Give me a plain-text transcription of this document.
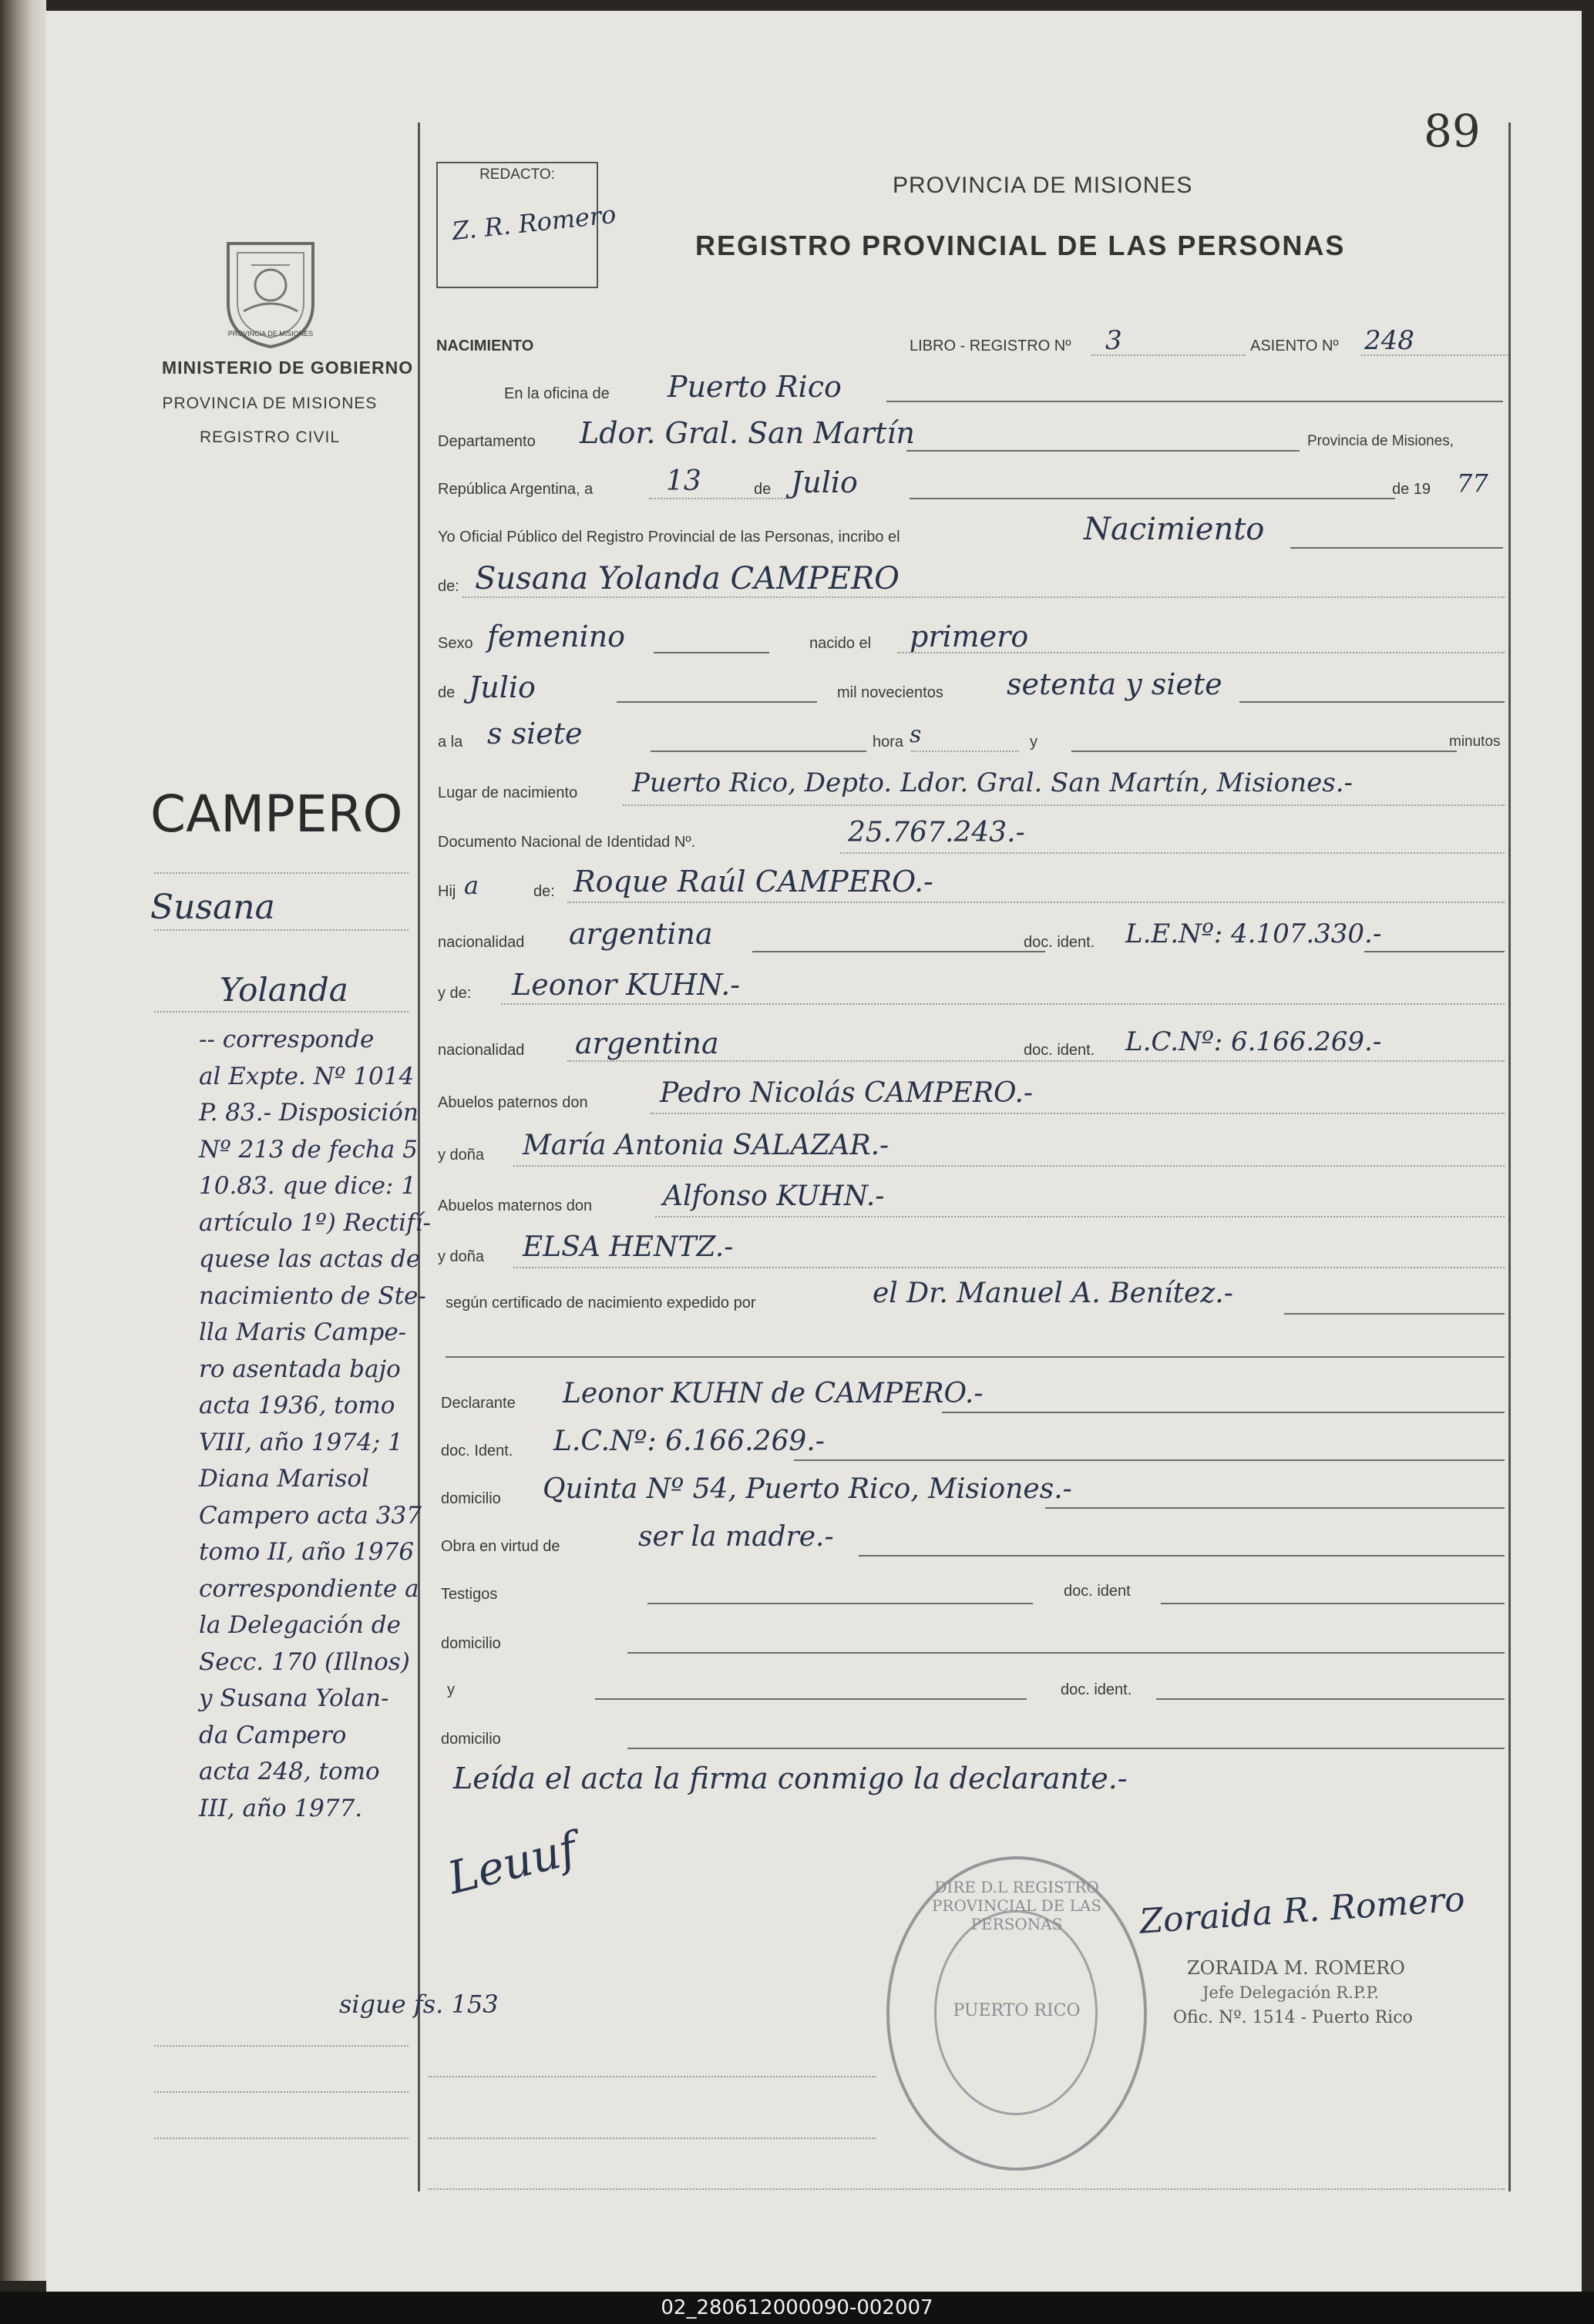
89
REDACTO:
Z. R. Romero
PROVINCIA DE MISIONES
REGISTRO PROVINCIAL DE LAS PERSONAS
PROVINCIA DE MISIONES
MINISTERIO DE GOBIERNO
PROVINCIA DE MISIONES
REGISTRO CIVIL
CAMPERO
Susana
Yolanda
-- corresponde
al Expte. Nº 1014
P. 83.- Disposición
Nº 213 de fecha 5
10.83. que dice: 1
artículo 1º) Rectifí-
quese las actas de
nacimiento de Ste-
lla Maris Campe-
ro asentada bajo
acta 1936, tomo
VIII, año 1974; 1
Diana Marisol
Campero acta 337
tomo II, año 1976
correspondiente a
la Delegación de
Secc. 170 (Illnos)
y Susana Yolan-
da Campero
acta 248, tomo
III, año 1977.
sigue fs. 153
NACIMIENTO	LIBRO - REGISTRO Nº 3	ASIENTO Nº 248
En la oficina de Puerto Rico
Departamento Ldor. Gral. San Martín	Provincia de Misiones,
República Argentina, a	13	de Julio	de 19 77
Yo Oficial Público del Registro Provincial de las Personas, incribo el	Nacimiento
de: Susana Yolanda CAMPERO
Sexo femenino	nacido el primero
de Julio	mil novecientos setenta y siete
a la s siete	hora s	y	minutos
Lugar de nacimiento Puerto Rico, Depto. Ldor. Gral. San Martín, Misiones.-
Documento Nacional de Identidad Nº.	25.767.243.-
Hij a	de: Roque Raúl CAMPERO.-
nacionalidad argentina	doc. ident. L.E.Nº: 4.107.330.-
y de: Leonor KUHN.-
nacionalidad argentina	doc. ident. L.C.Nº: 6.166.269.-
Abuelos paternos don	Pedro Nicolás CAMPERO.-
y doña María Antonia SALAZAR.-
Abuelos maternos don	Alfonso KUHN.-
y doña ELSA HENTZ.-
según certificado de nacimiento expedido por	el Dr. Manuel A. Benítez.-
Declarante Leonor KUHN de CAMPERO.-
doc. Ident. L.C.Nº: 6.166.269.-
domicilio Quinta Nº 54, Puerto Rico, Misiones.-
Obra en virtud de	ser la madre.-
Testigos	doc. ident
domicilio
y	doc. ident.
domicilio
Leída el acta la firma conmigo la declarante.-
Leuuf	DIRE D.L REGISTRO PROVINCIAL DE LAS PERSONAS
PUERTO RICO
Zoraida R. Romero
ZORAIDA M. ROMERO
Jefe Delegación R.P.P.
Ofic. Nº. 1514 - Puerto Rico
02_280612000090-002007
